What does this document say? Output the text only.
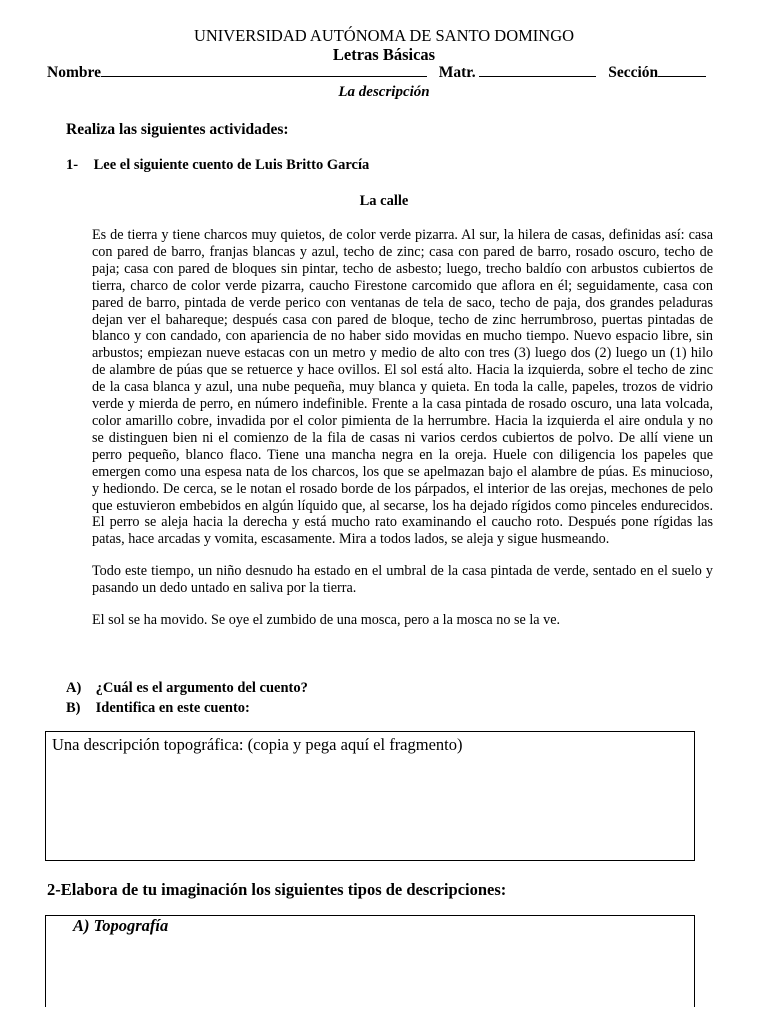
UNIVERSIDAD AUTÓNOMA DE SANTO DOMINGO
Letras Básicas
Nombre	Matr.	Sección
La descripción
Realiza las siguientes actividades:
1- Lee el siguiente cuento de Luis Britto García
La calle

Es de tierra y tiene charcos muy quietos, de color verde pizarra. Al sur, la hilera de casas, definidas así: casa con pared de barro, franjas blancas y azul, techo de zinc; casa con pared de barro, rosado oscuro, techo de paja; casa con pared de bloques sin pintar, techo de asbesto; luego, trecho baldío con arbustos cubiertos de tierra, charco de color verde pizarra, caucho Firestone carcomido que aflora en él; seguidamente, casa con pared de barro, pintada de verde perico con ventanas de tela de saco, techo de paja, dos grandes peladuras dejan ver el bahareque; después casa con pared de bloque, techo de zinc herrumbroso, puertas pintadas de blanco y con candado, con apariencia de no haber sido movidas en mucho tiempo. Nuevo espacio libre, sin arbustos; empiezan nueve estacas con un metro y medio de alto con tres (3) luego dos (2) luego un (1) hilo de alambre de púas que se retuerce y hace ovillos. El sol está alto. Hacia la izquierda, sobre el techo de zinc de la casa blanca y azul, una nube pequeña, muy blanca y quieta. En toda la calle, papeles, trozos de vidrio verde y mierda de perro, en número indefinible. Frente a la casa pintada de rosado oscuro, una lata volcada, color amarillo cobre, invadida por el color pimienta de la herrumbre. Hacia la izquierda el aire ondula y no se distinguen bien ni el comienzo de la fila de casas ni varios cerdos cubiertos de polvo. De allí viene un perro pequeño, blanco flaco. Tiene una mancha negra en la oreja. Huele con diligencia los papeles que emergen como una espesa nata de los charcos, los que se apelmazan bajo el alambre de púas. Es minucioso, y hediondo. De cerca, se le notan el rosado borde de los párpados, el interior de las orejas, mechones de pelo que estuvieron embebidos en algún líquido que, al secarse, los ha dejado rígidos como pinceles endurecidos. El perro se aleja hacia la derecha y está mucho rato examinando el caucho roto. Después pone rígidas las patas, hace arcadas y vomita, escasamente. Mira a todos lados, se aleja y sigue husmeando.

Todo este tiempo, un niño desnudo ha estado en el umbral de la casa pintada de verde, sentado en el suelo y pasando un dedo untado en saliva por la tierra.

El sol se ha movido. Se oye el zumbido de una mosca, pero a la mosca no se la ve.

A) ¿Cuál es el argumento del cuento?
B) Identifica en este cuento:
Una descripción topográfica: (copia y pega aquí el fragmento)
2-Elabora de tu imaginación los siguientes tipos de descripciones:
A) Topografía
